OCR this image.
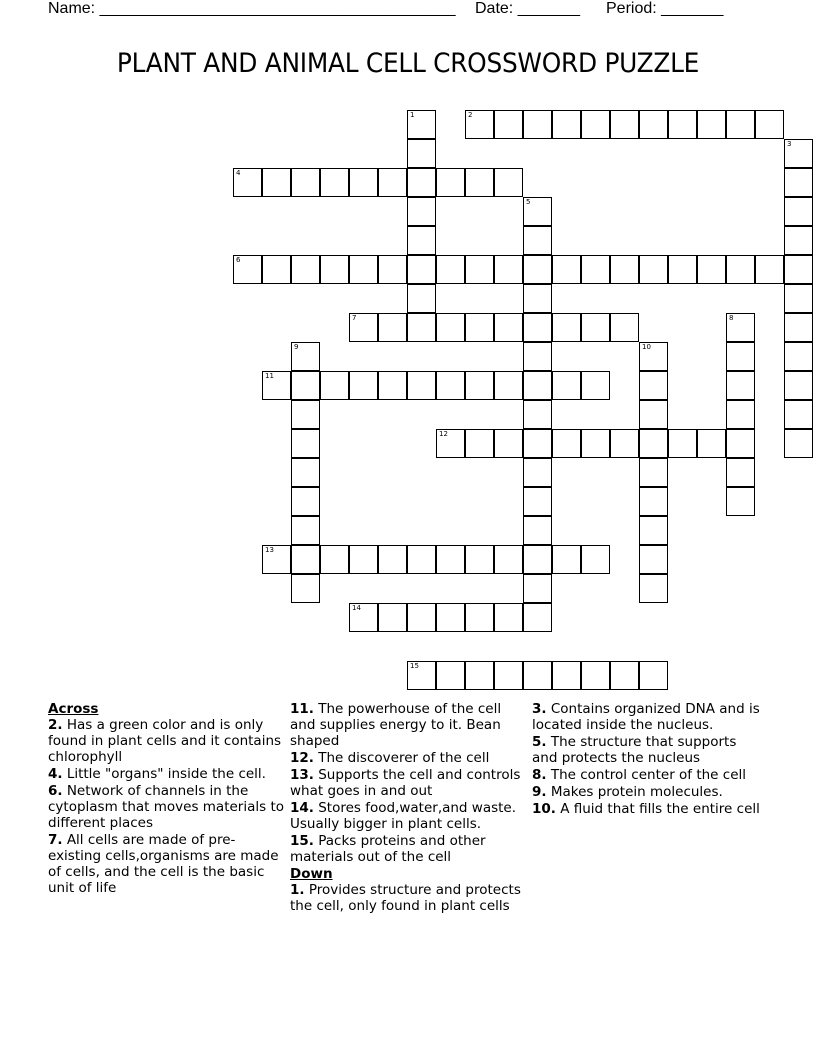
Name: ________________________________________ Date: _______ Period: _______
PLANT AND ANIMAL CELL CROSSWORD PUZZLE
1	2
3
4
5
6
7	8
9	10
11
12
13
14
15
Across
2. Has a green color and is only found in plant cells and it contains chlorophyll
4. Little "organs" inside the cell.
6. Network of channels in the cytoplasm that moves materials to different places
7. All cells are made of pre-existing cells,organisms are made of cells, and the cell is the basic unit of life
11. The powerhouse of the cell and supplies energy to it. Bean shaped
12. The discoverer of the cell
13. Supports the cell and controls what goes in and out
14. Stores food,water,and waste. Usually bigger in plant cells.
15. Packs proteins and other materials out of the cell
Down
1. Provides structure and protects the cell, only found in plant cells
3. Contains organized DNA and is located inside the nucleus.
5. The structure that supports and protects the nucleus
8. The control center of the cell
9. Makes protein molecules.
10. A fluid that fills the entire cell
